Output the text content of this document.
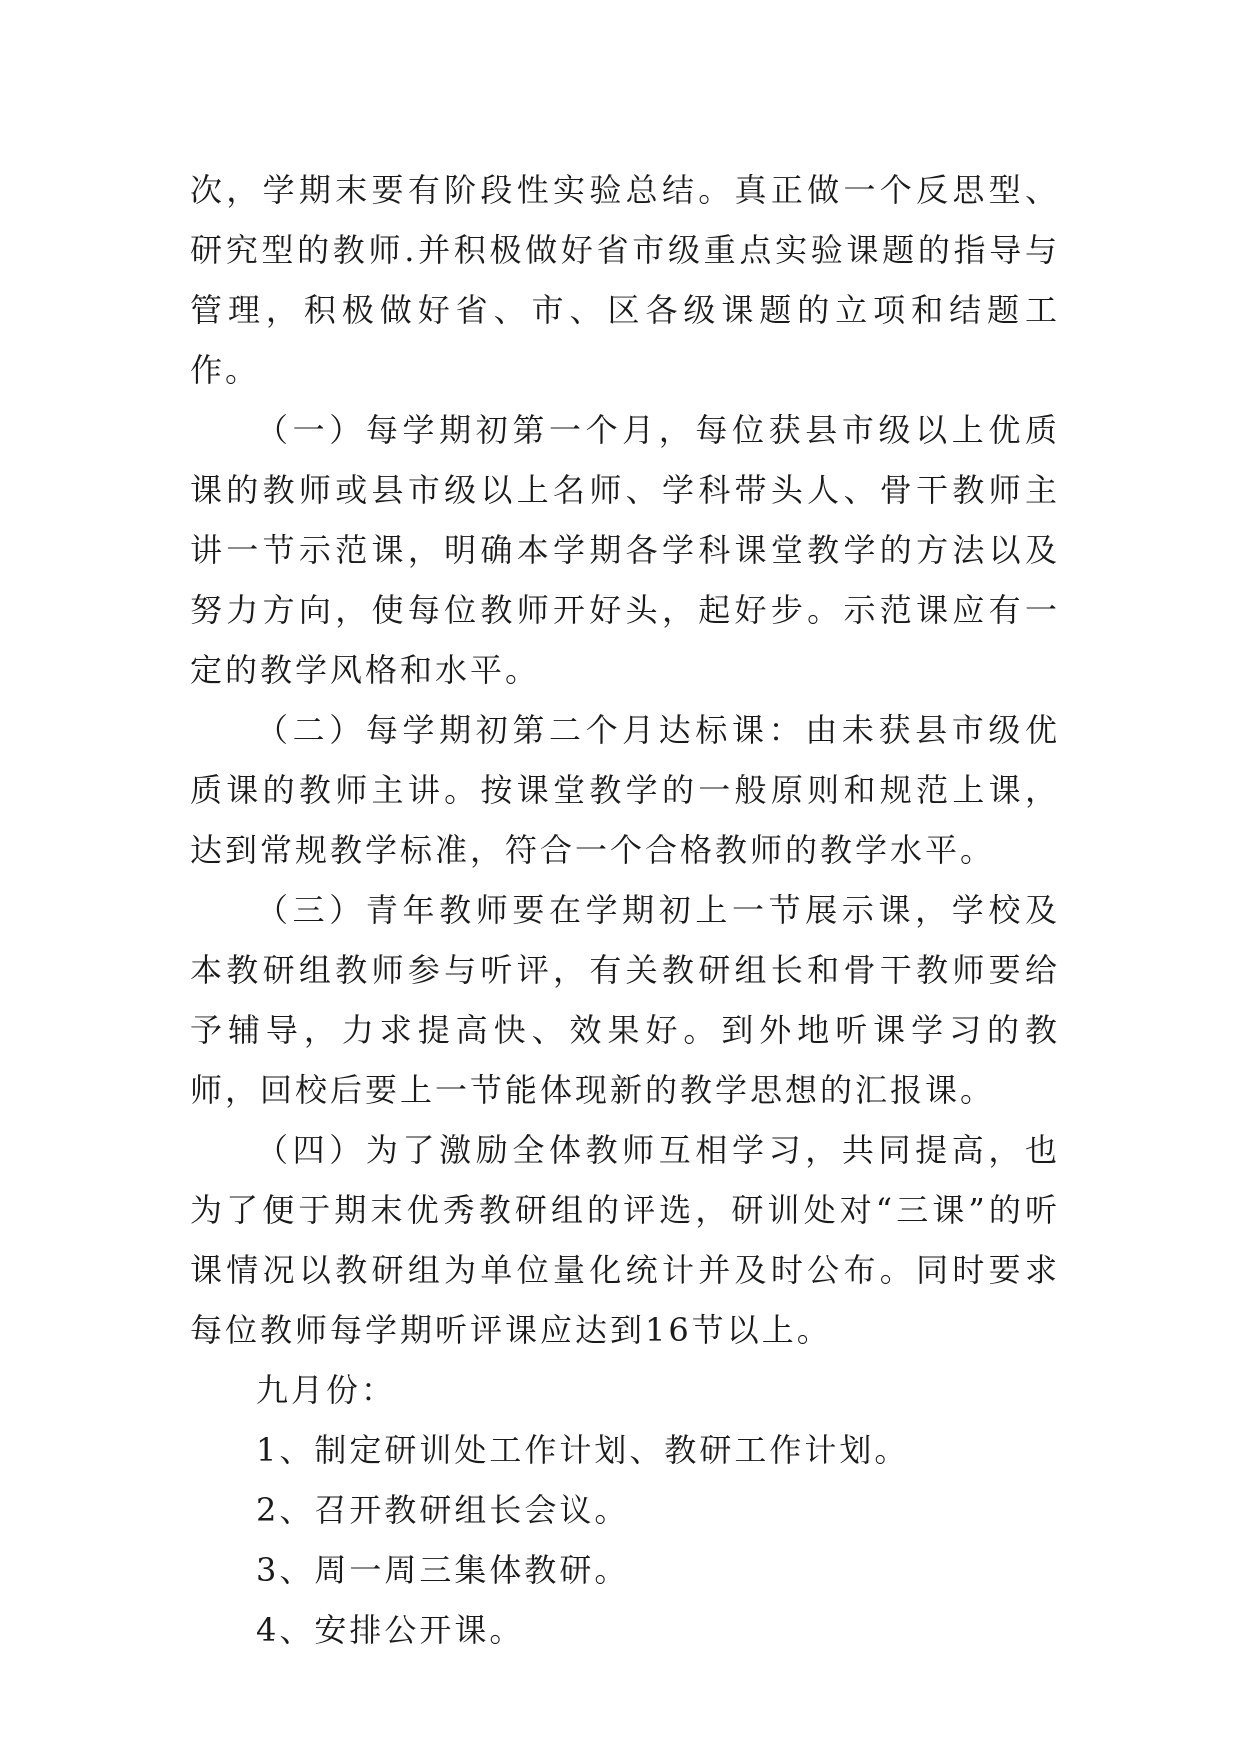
次，学期末要有阶段性实验总结。真正做一个反思型、研究型的教师.并积极做好省市级重点实验课题的指导与管理，积极做好省、市、区各级课题的立项和结题工作。

（一）每学期初第一个月，每位获县市级以上优质课的教师或县市级以上名师、学科带头人、骨干教师主讲一节示范课，明确本学期各学科课堂教学的方法以及努力方向，使每位教师开好头，起好步。示范课应有一定的教学风格和水平。

（二）每学期初第二个月达标课：由未获县市级优质课的教师主讲。按课堂教学的一般原则和规范上课，达到常规教学标准，符合一个合格教师的教学水平。

（三）青年教师要在学期初上一节展示课，学校及本教研组教师参与听评，有关教研组长和骨干教师要给予辅导，力求提高快、效果好。到外地听课学习的教师，回校后要上一节能体现新的教学思想的汇报课。

（四）为了激励全体教师互相学习，共同提高，也为了便于期末优秀教研组的评选，研训处对“三课”的听课情况以教研组为单位量化统计并及时公布。同时要求每位教师每学期听评课应达到16节以上。

九月份：

1、制定研训处工作计划、教研工作计划。

2、召开教研组长会议。

3、周一周三集体教研。

4、安排公开课。
